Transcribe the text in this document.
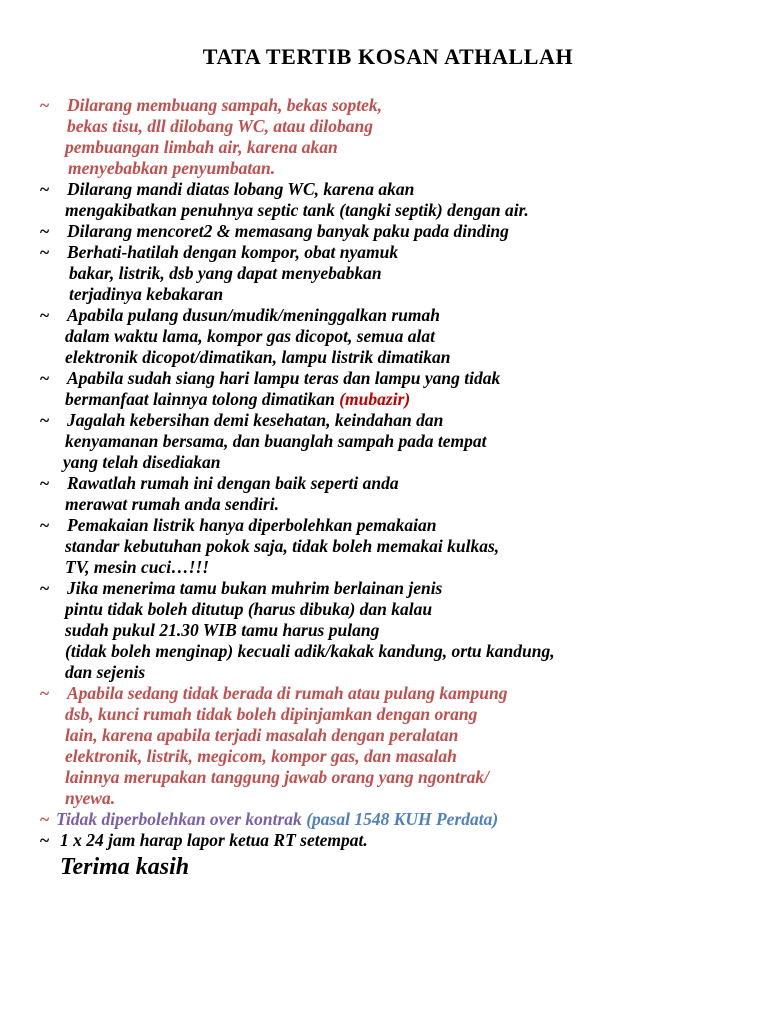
TATA TERTIB KOSAN ATHALLAH
~ Dilarang membuang sampah, bekas soptek,
bekas tisu, dll dilobang WC, atau dilobang
pembuangan limbah air, karena akan
menyebabkan penyumbatan.
~ Dilarang mandi diatas lobang WC, karena akan
mengakibatkan penuhnya septic tank (tangki septik) dengan air.
~ Dilarang mencoret2 & memasang banyak paku pada dinding
~ Berhati-hatilah dengan kompor, obat nyamuk
bakar, listrik, dsb yang dapat menyebabkan
terjadinya kebakaran
~ Apabila pulang dusun/mudik/meninggalkan rumah
dalam waktu lama, kompor gas dicopot, semua alat
elektronik dicopot/dimatikan, lampu listrik dimatikan
~ Apabila sudah siang hari lampu teras dan lampu yang tidak
bermanfaat lainnya tolong dimatikan (mubazir)
~ Jagalah kebersihan demi kesehatan, keindahan dan
kenyamanan bersama, dan buanglah sampah pada tempat
yang telah disediakan
~ Rawatlah rumah ini dengan baik seperti anda
merawat rumah anda sendiri.
~ Pemakaian listrik hanya diperbolehkan pemakaian
standar kebutuhan pokok saja, tidak boleh memakai kulkas,
TV, mesin cuci…!!!
~ Jika menerima tamu bukan muhrim berlainan jenis
pintu tidak boleh ditutup (harus dibuka) dan kalau
sudah pukul 21.30 WIB tamu harus pulang
(tidak boleh menginap) kecuali adik/kakak kandung, ortu kandung,
dan sejenis
~ Apabila sedang tidak berada di rumah atau pulang kampung
dsb, kunci rumah tidak boleh dipinjamkan dengan orang
lain, karena apabila terjadi masalah dengan peralatan
elektronik, listrik, megicom, kompor gas, dan masalah
lainnya merupakan tanggung jawab orang yang ngontrak/
nyewa.
~ Tidak diperbolehkan over kontrak (pasal 1548 KUH Perdata)
~ 1 x 24 jam harap lapor ketua RT setempat.

Terima kasih
